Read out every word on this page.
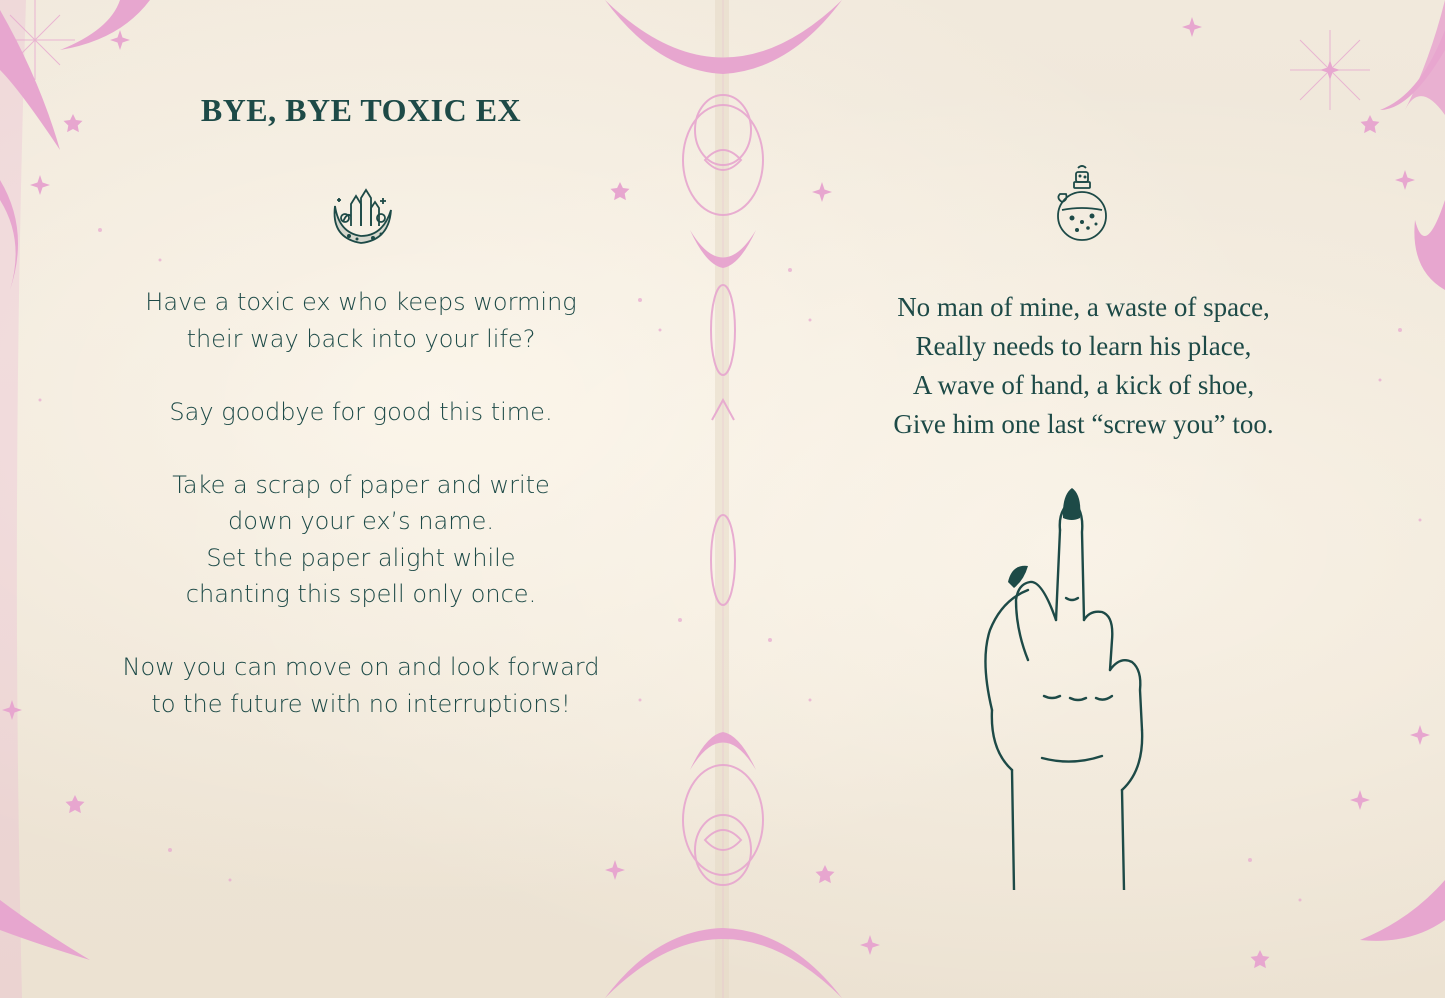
BYE, BYE TOXIC EX

Have a toxic ex who keeps worming
their way back into your life?

Say goodbye for good this time.

Take a scrap of paper and write
down your ex’s name.
Set the paper alight while
chanting this spell only once.

Now you can move on and look forward
to the future with no interruptions!

No man of mine, a waste of space,
Really needs to learn his place,
A wave of hand, a kick of shoe,
Give him one last “screw you” too.
